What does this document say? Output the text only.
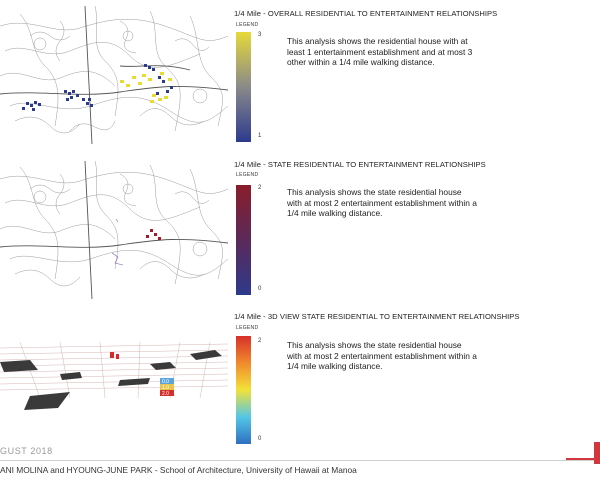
1/4 Mile - OVERALL RESIDENTIAL TO ENTERTAINMENT RELATIONSHIPS
LEGEND
3
1
This analysis shows the residential house with at least 1 entertainment establishment and at most 3 other within a 1/4 mile walking distance.
1/4 Mile - STATE RESIDENTIAL TO ENTERTAINMENT RELATIONSHIPS
LEGEND
2
0
This analysis shows the state residential house with at most 2 entertainment establishment within a 1/4 mile walking distance.
0.0
1.0
2.0
1/4 Mile - 3D VIEW STATE RESIDENTIAL TO ENTERTAINMENT RELATIONSHIPS
LEGEND
2
0
This analysis shows the state residential house with at most 2 entertainment establishment within a 1/4 mile walking distance.
GUST 2018
ANI MOLINA and HYOUNG-JUNE PARK - School of Architecture, University of Hawaii at Manoa
